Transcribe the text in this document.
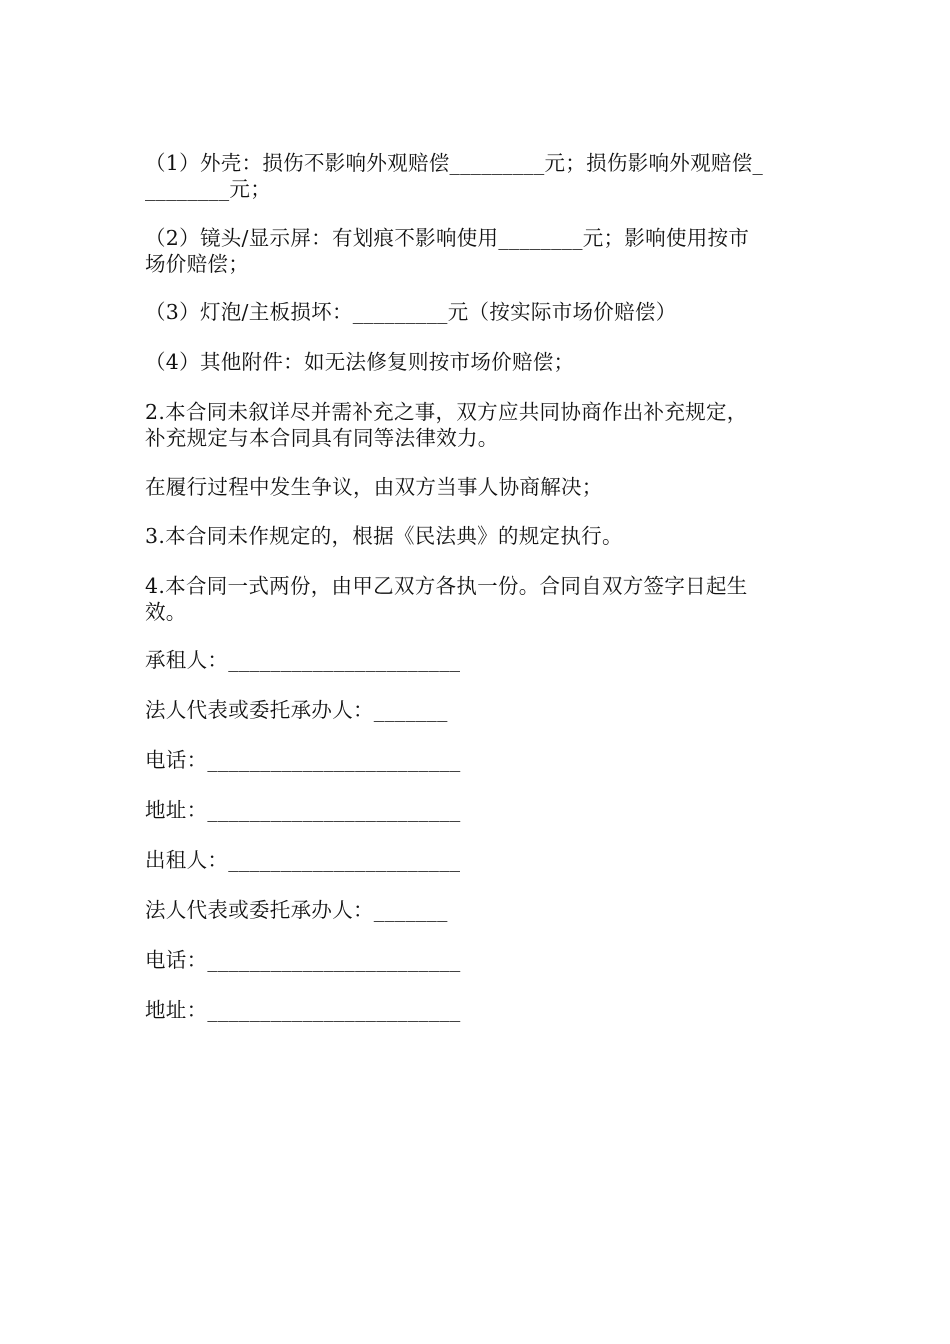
（1）外壳：损伤不影响外观赔偿_________元；损伤影响外观赔偿_
________元；
（2）镜头/显示屏：有划痕不影响使用________元；影响使用按市
场价赔偿；
（3）灯泡/主板损坏：_________元（按实际市场价赔偿）
（4）其他附件：如无法修复则按市场价赔偿；
2.本合同未叙详尽并需补充之事，双方应共同协商作出补充规定，
补充规定与本合同具有同等法律效力。
在履行过程中发生争议，由双方当事人协商解决；
3.本合同未作规定的，根据《民法典》的规定执行。
4.本合同一式两份，由甲乙双方各执一份。合同自双方签字日起生
效。
承租人：______________________
法人代表或委托承办人：_______
电话：________________________
地址：________________________
出租人：______________________
法人代表或委托承办人：_______
电话：________________________
地址：________________________
